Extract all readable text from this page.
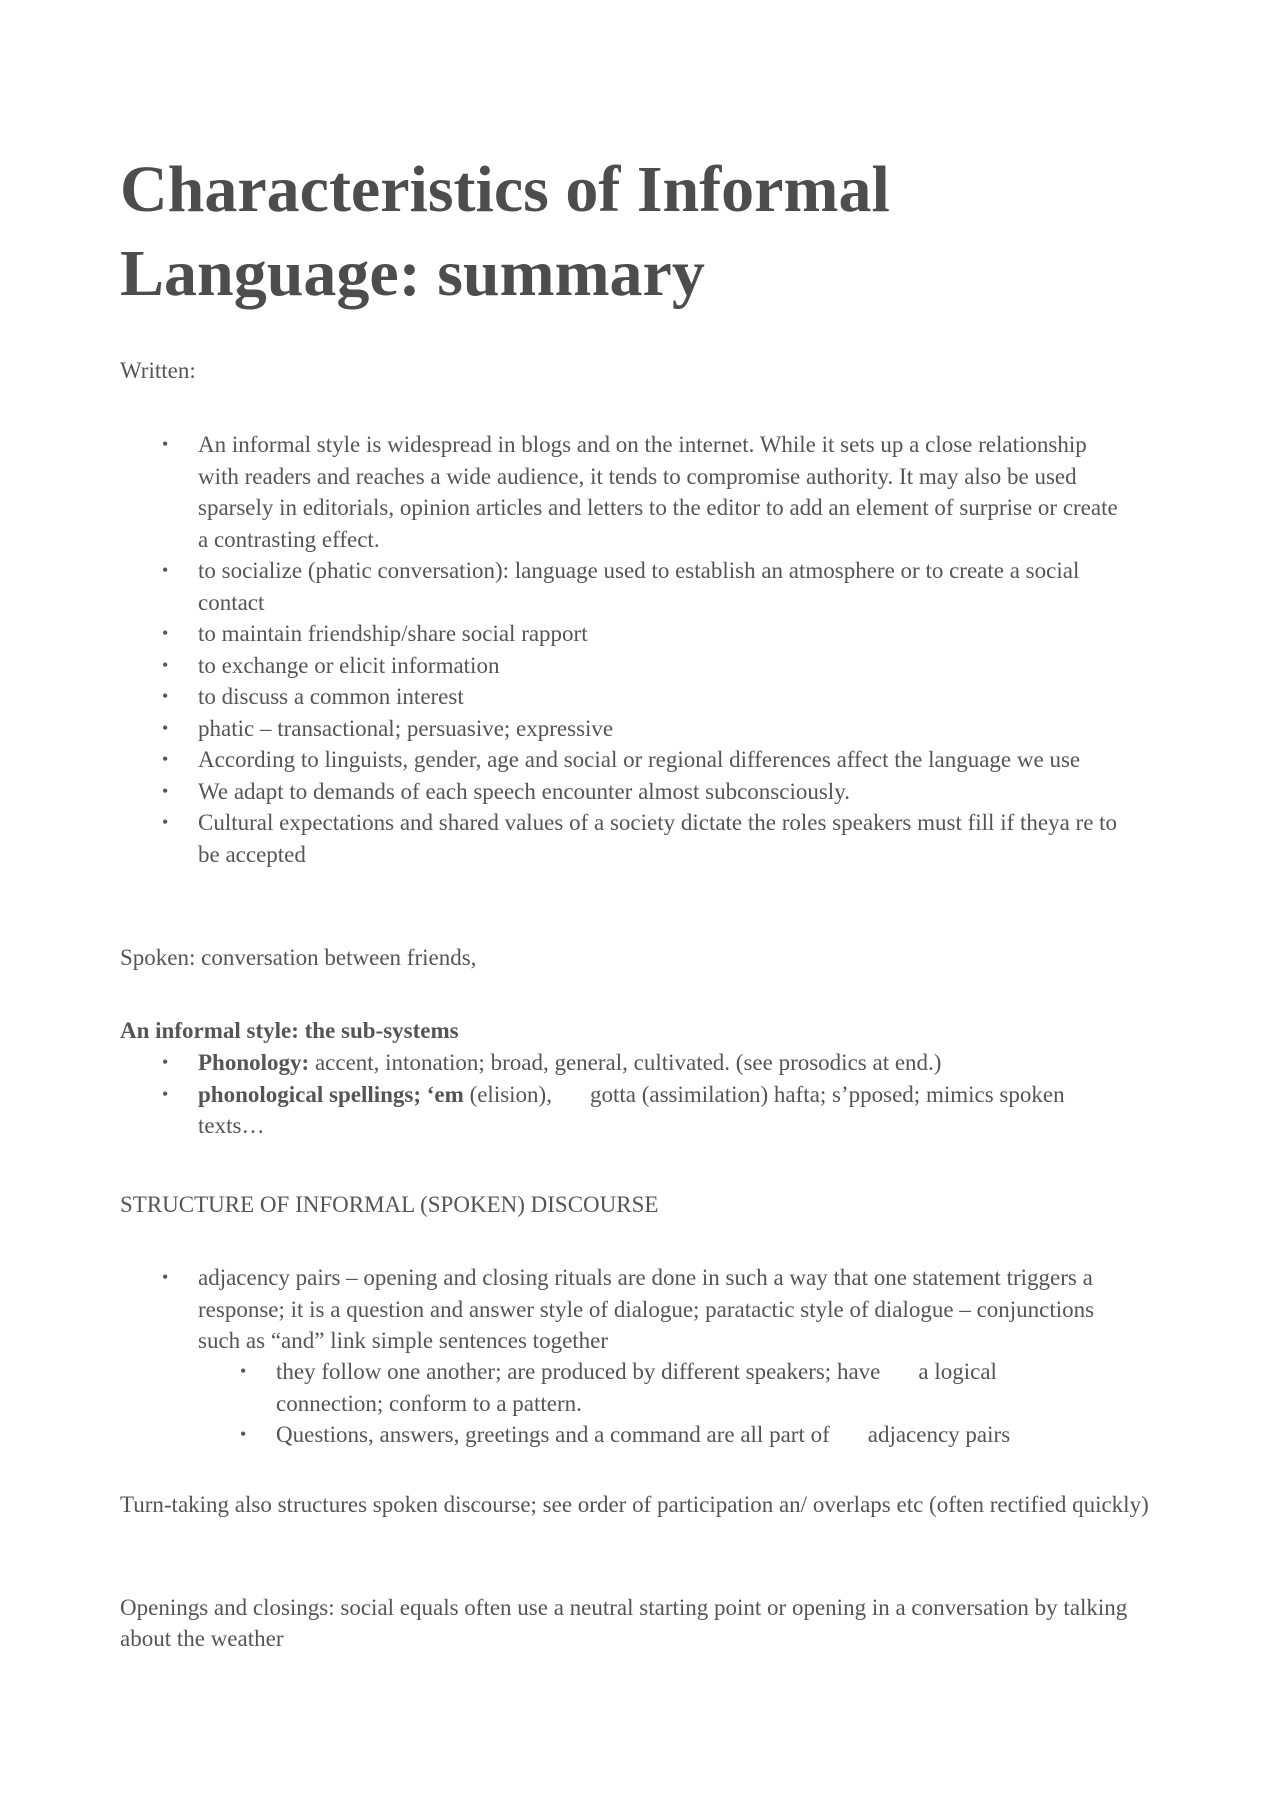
Characteristics of Informal
Language: summary

Written:

• An informal style is widespread in blogs and on the internet. While it sets up a close relationship with readers and reaches a wide audience, it tends to compromise authority. It may also be used sparsely in editorials, opinion articles and letters to the editor to add an element of surprise or create a contrasting effect.
• to socialize (phatic conversation): language used to establish an atmosphere or to create a social contact
• to maintain friendship/share social rapport
• to exchange or elicit information
• to discuss a common interest
• phatic – transactional; persuasive; expressive
• According to linguists, gender, age and social or regional differences affect the language we use
• We adapt to demands of each speech encounter almost subconsciously.
• Cultural expectations and shared values of a society dictate the roles speakers must fill if theya re to be accepted

Spoken: conversation between friends,

An informal style: the sub-systems

• Phonology: accent, intonation; broad, general, cultivated. (see prosodics at end.)
• phonological spellings; ‘em (elision), gotta (assimilation) hafta; s’pposed; mimics spoken texts…

STRUCTURE OF INFORMAL (SPOKEN) DISCOURSE

• adjacency pairs – opening and closing rituals are done in such a way that one statement triggers a response; it is a question and answer style of dialogue; paratactic style of dialogue – conjunctions such as “and” link simple sentences together
• they follow one another; are produced by different speakers; have a logical connection; conform to a pattern.
• Questions, answers, greetings and a command are all part of adjacency pairs

Turn-taking also structures spoken discourse; see order of participation an/ overlaps etc (often rectified quickly)

Openings and closings: social equals often use a neutral starting point or opening in a conversation by talking about the weather
